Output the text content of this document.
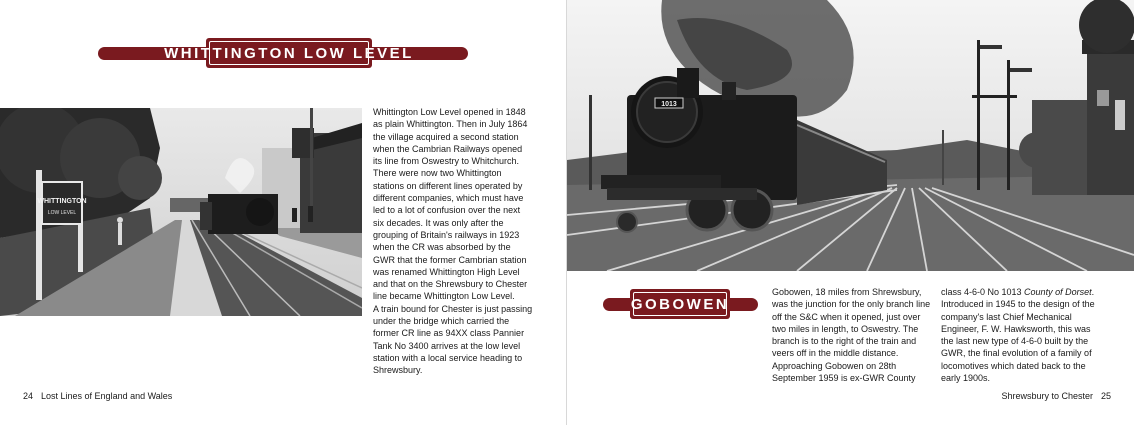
WHITTINGTON LOW LEVEL
WHITTINGTON
LOW LEVEL

Whittington Low Level opened in 1848 as plain Whittington. Then in July 1864 the village acquired a second station when the Cambrian Railways opened its line from Oswestry to Whitchurch. There were now two Whittington stations on different lines operated by different companies, which must have led to a lot of confusion over the next six decades. It was only after the grouping of Britain's railways in 1923 when the CR was absorbed by the GWR that the former Cambrian station was renamed Whittington High Level and that on the Shrewsbury to Chester line became Whittington Low Level.

A train bound for Chester is just passing under the bridge which carried the former CR line as 94XX class Pannier Tank No 3400 arrives at the low level station with a local service heading to Shrewsbury.

24 Lost Lines of England and Wales
1013
GOBOWEN

Gobowen, 18 miles from Shrewsbury, was the junction for the only branch line off the S&C when it opened, just over two miles in length, to Oswestry. The branch is to the right of the train and veers off in the middle distance. Approaching Gobowen on 28th September 1959 is ex-GWR County

class 4-6-0 No 1013 County of Dorset. Introduced in 1945 to the design of the company's last Chief Mechanical Engineer, F. W. Hawksworth, this was the last new type of 4-6-0 built by the GWR, the final evolution of a family of locomotives which dated back to the early 1900s.

Shrewsbury to Chester 25
